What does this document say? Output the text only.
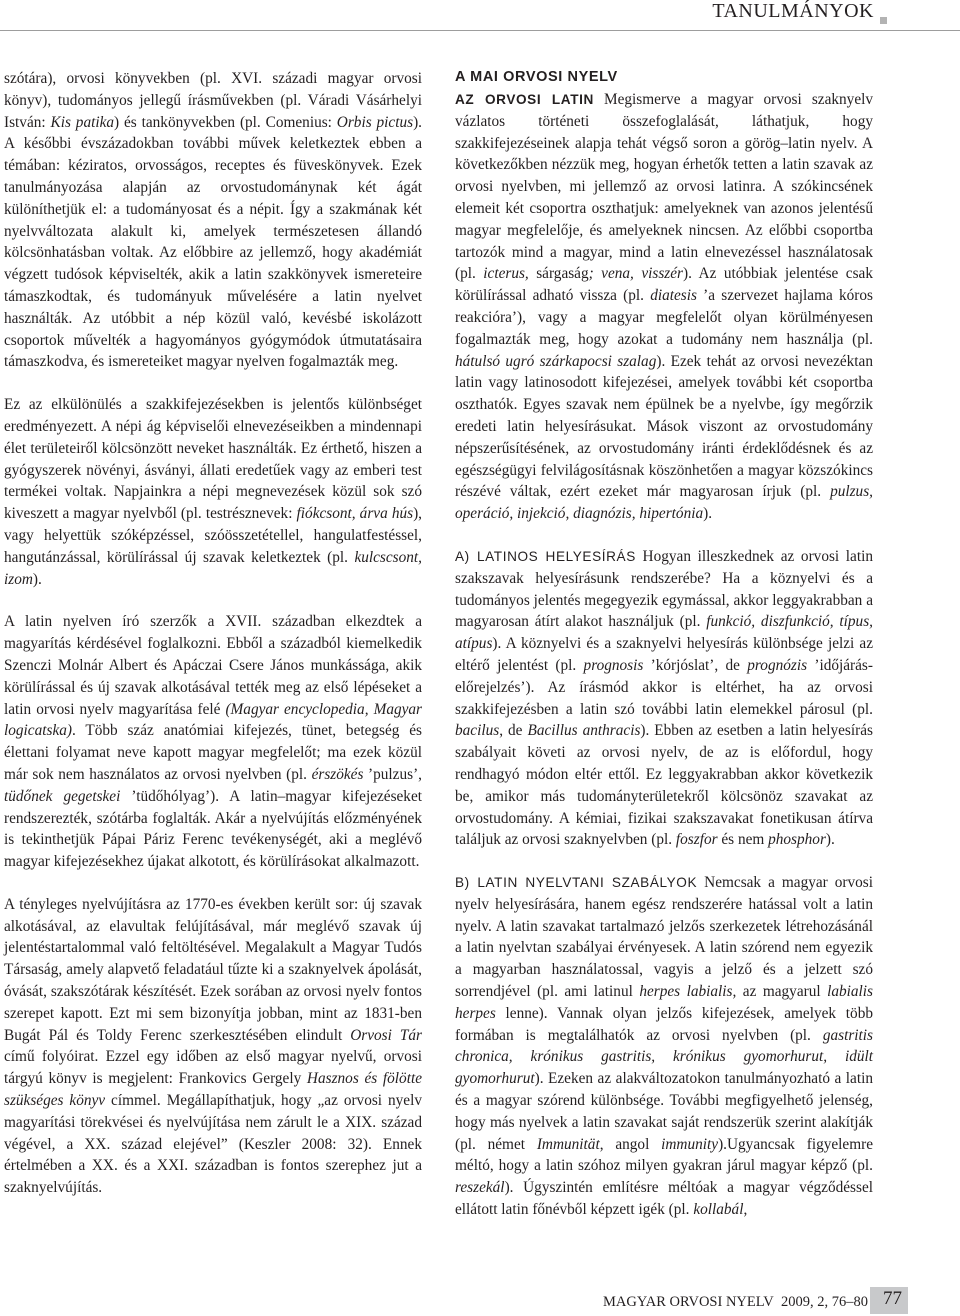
TANULMÁNYOK

szótára), orvosi könyvekben (pl. XVI. századi magyar orvosi könyv), tudományos jellegű írásművekben (pl. Váradi Vásárhelyi István: Kis patika) és tankönyvekben (pl. Comenius: Orbis pictus). A későbbi évszázadokban további művek keletkeztek ebben a témában: kéziratos, orvosságos, receptes és füveskönyvek. Ezek tanulmányozása alapján az orvostudománynak két ágát különíthetjük el: a tudományosat és a népit. Így a szakmának két nyelvváltozata alakult ki, amelyek természetesen állandó kölcsönhatásban voltak. Az előbbire az jellemző, hogy akadémiát végzett tudósok képviselték, akik a latin szakkönyvek ismereteire támaszkodtak, és tudományuk művelésére a latin nyelvet használták. Az utóbbit a nép közül való, kevésbé iskolázott csoportok művelték a hagyományos gyógymódok útmutatásaira támaszkodva, és ismereteiket magyar nyelven fogalmazták meg.

Ez az elkülönülés a szakkifejezésekben is jelentős különbséget eredményezett. A népi ág képviselői elnevezéseikben a mindennapi élet területeiről kölcsönzött neveket használták. Ez érthető, hiszen a gyógyszerek növényi, ásványi, állati eredetűek vagy az emberi test termékei voltak. Napjainkra a népi megnevezések közül sok szó kiveszett a magyar nyelvből (pl. testrésznevek: fiókcsont, árva hús), vagy helyettük szóképzéssel, szóösszetétellel, hangulatfestéssel, hangutánzással, körülírással új szavak keletkeztek (pl. kulcscsont, izom).

A latin nyelven író szerzők a XVII. században elkezdtek a magyarítás kérdésével foglalkozni. Ebből a századból kiemelkedik Szenczi Molnár Albert és Apáczai Csere János munkássága, akik körülírással és új szavak alkotásával tették meg az első lépéseket a latin orvosi nyelv magyarítása felé (Magyar encyclopedia, Magyar logicatska). Több száz anatómiai kifejezés, tünet, betegség és élettani folyamat neve kapott magyar megfelelőt; ma ezek közül már sok nem használatos az orvosi nyelvben (pl. érszökés ’pulzus’, tüdőnek gegetskei ’tüdőhólyag’). A latin–magyar kifejezéseket rendszerezték, szótárba foglalták. Akár a nyelvújítás előzményének is tekinthetjük Pápai Páriz Ferenc tevékenységét, aki a meglévő magyar kifejezésekhez újakat alkotott, és körülírásokat alkalmazott.

A tényleges nyelvújításra az 1770-es években került sor: új szavak alkotásával, az elavultak felújításával, már meglévő szavak új jelentéstartalommal való feltöltésével. Megalakult a Magyar Tudós Társaság, amely alapvető feladatául tűzte ki a szaknyelvek ápolását, óvását, szakszótárak készítését. Ezek sorában az orvosi nyelv fontos szerepet kapott. Ezt mi sem bizonyítja jobban, mint az 1831-ben Bugát Pál és Toldy Ferenc szerkesztésében elindult Orvosi Tár című folyóirat. Ezzel egy időben az első magyar nyelvű, orvosi tárgyú könyv is megjelent: Frankovics Gergely Hasznos és fölötte szükséges könyv címmel. Megállapíthatjuk, hogy „az orvosi nyelv magyarítási törekvései és nyelvújítása nem zárult le a XIX. század végével, a XX. század elejével” (Keszler 2008: 32). Ennek értelmében a XX. és a XXI. században is fontos szerephez jut a szaknyelvújítás.

A MAI ORVOSI NYELV
AZ ORVOSI LATIN Megismerve a magyar orvosi szaknyelv vázlatos történeti összefoglalását, láthatjuk, hogy szakkifejezéseinek alapja tehát végső soron a görög–latin nyelv. A következőkben nézzük meg, hogyan érhetők tetten a latin szavak az orvosi nyelvben, mi jellemző az orvosi latinra. A szókincsének elemeit két csoportra oszthatjuk: amelyeknek van azonos jelentésű magyar megfelelője, és amelyeknek nincsen. Az előbbi csoportba tartozók mind a magyar, mind a latin elnevezéssel használatosak (pl. icterus, sárgaság; vena, visszér). Az utóbbiak jelentése csak körülírással adható vissza (pl. diatesis ’a szervezet hajlama kóros reakcióra’), vagy a magyar megfelelőt olyan körülményesen fogalmazták meg, hogy azokat a tudomány nem használja (pl. hátulsó ugró szárkapocsi szalag). Ezek tehát az orvosi nevezéktan latin vagy latinosodott kifejezései, amelyek további két csoportba oszthatók. Egyes szavak nem épülnek be a nyelvbe, így megőrzik eredeti latin helyesírásukat. Mások viszont az orvostudomány népszerűsítésének, az orvostudomány iránti érdeklődésnek és az egészségügyi felvilágosításnak köszönhetően a magyar közszókincs részévé váltak, ezért ezeket már magyarosan írjuk (pl. pulzus, operáció, injekció, diagnózis, hipertónia).

A) LATINOS HELYESÍRÁS Hogyan illeszkednek az orvosi latin szakszavak helyesírásunk rendszerébe? Ha a köznyelvi és a tudományos jelentés megegyezik egymással, akkor leggyakrabban a magyarosan átírt alakot használjuk (pl. funkció, diszfunkció, típus, atípus). A köznyelvi és a szaknyelvi helyesírás különbsége jelzi az eltérő jelentést (pl. prognosis ’kórjóslat’, de prognózis ’időjárás-előrejelzés’). Az írásmód akkor is eltérhet, ha az orvosi szakkifejezésben a latin szó további latin elemekkel párosul (pl. bacilus, de Bacillus anthracis). Ebben az esetben a latin helyesírás szabályait követi az orvosi nyelv, de az is előfordul, hogy rendhagyó módon eltér ettől. Ez leggyakrabban akkor következik be, amikor más tudományterületekről kölcsönöz szavakat az orvostudomány. A kémiai, fizikai szakszavakat fonetikusan átírva találjuk az orvosi szaknyelvben (pl. foszfor és nem phosphor).

B) LATIN NYELVTANI SZABÁLYOK Nemcsak a magyar orvosi nyelv helyesírására, hanem egész rendszerére hatással volt a latin nyelv. A latin szavakat tartalmazó jelzős szerkezetek létrehozásánál a latin nyelvtan szabályai érvényesek. A latin szórend nem egyezik a magyarban használatossal, vagyis a jelző és a jelzett szó sorrendjével (pl. ami latinul herpes labialis, az magyarul labialis herpes lenne). Vannak olyan jelzős kifejezések, amelyek több formában is megtalálhatók az orvosi nyelvben (pl. gastritis chronica, krónikus gastritis, krónikus gyomorhurut, idült gyomorhurut). Ezeken az alakváltozatokon tanulmányozható a latin és a magyar szórend különbsége. További megfigyelhető jelenség, hogy más nyelvek a latin szavakat saját rendszerük szerint alakítják (pl. német Immunität, angol immunity).Ugyancsak figyelemre méltó, hogy a latin szóhoz milyen gyakran járul magyar képző (pl. reszekál). Úgyszintén említésre méltóak a magyar végződéssel ellátott latin főnévből képzett igék (pl. kollabál,

MAGYAR ORVOSI NYELV 2009, 2, 76–80 77
